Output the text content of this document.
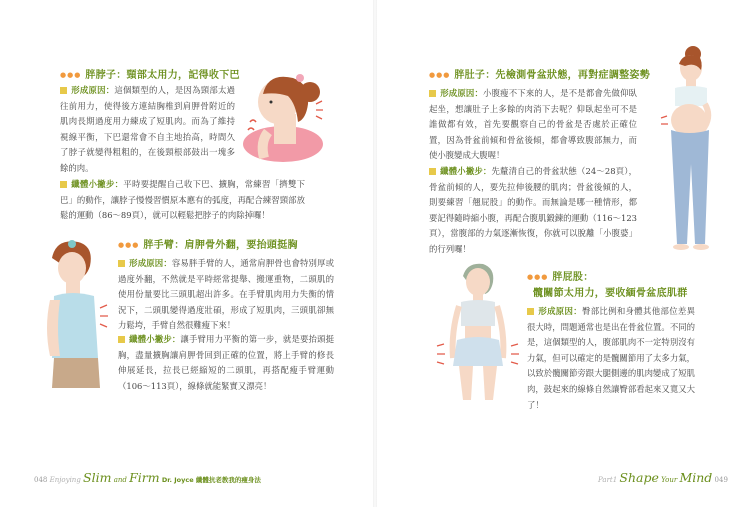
●●● 胖脖子：頸部太用力，記得收下巴
形成原因：這個類型的人，是因為頸部太過往前用力，使得後方連結胸椎到肩胛骨附近的肌肉長期過度用力練成了短肌肉。而為了維持視線平衡，下巴還常會不自主地抬高，時間久了脖子就變得粗粗的，在後頸根部鼓出一塊多餘的肉。
纖體小撇步：平時要提醒自己收下巴、擴胸，常練習「擠雙下巴」的動作，讓脖子慢慢習慣原本應有的弧度，再配合練習頸部放鬆的運動（86～89頁），就可以輕鬆把脖子的肉除掉囉！
●●● 胖手臂：肩胛骨外翻，要抬頭挺胸
形成原因：容易胖手臂的人，通常肩胛骨也會特別厚或過度外翻，不然就是平時經常提舉、搬運重物，二頭肌的使用份量要比三頭肌超出許多。在手臂肌肉用力失衡的情況下，二頭肌變得過度壯碩，形成了短肌肉，三頭肌卻無力鬆垮，手臂自然很難瘦下來！
纖體小撇步：讓手臂用力平衡的第一步，就是要抬頭挺胸，盡量擴胸讓肩胛骨回到正確的位置，將上手臂的修長伸展延長，拉長已經縮短的二頭肌，再搭配瘦手臂運動（106～113頁），線條就能緊實又漂亮！
048 Enjoying Slim and Firm Dr. Joyce 纖體抗老教我的瘦身法
●●● 胖肚子：先檢測骨盆狀態，再對症調整姿勢
形成原因：小腹瘦不下來的人，是不是都會先做仰臥起坐，想讓肚子上多餘的肉消下去呢？仰臥起坐可不是誰做都有效，首先要觀察自己的骨盆是否處於正確位置，因為骨盆前傾和骨盆後傾，都會導致腹部無力，而使小腹變成大腹喔！
纖體小撇步：先釐清自己的骨盆狀態（24～28頁），骨盆前傾的人，要先拉伸後腰的肌肉；骨盆後傾的人，則要練習「翹屁股」的動作。而無論是哪一種情形，都要記得隨時縮小腹，再配合腹肌鍛鍊的運動（116～123頁），當腹部的力氣逐漸恢復，你就可以脫離「小腹婆」的行列囉！
●●● 胖屁股：
髖關節太用力，要收緬骨盆底肌群
形成原因：臀部比例和身體其他部位差異很大時，問題通常也是出在骨盆位置。不同的是，這個類型的人，腹部肌肉不一定特別沒有力氣，但可以確定的是髖關節用了太多力氣，以致於髖關節旁跟大腿側邊的肌肉變成了短肌肉，鼓起來的線條自然讓臀部看起來又寬又大了！
Part1 Shape Your Mind 049
